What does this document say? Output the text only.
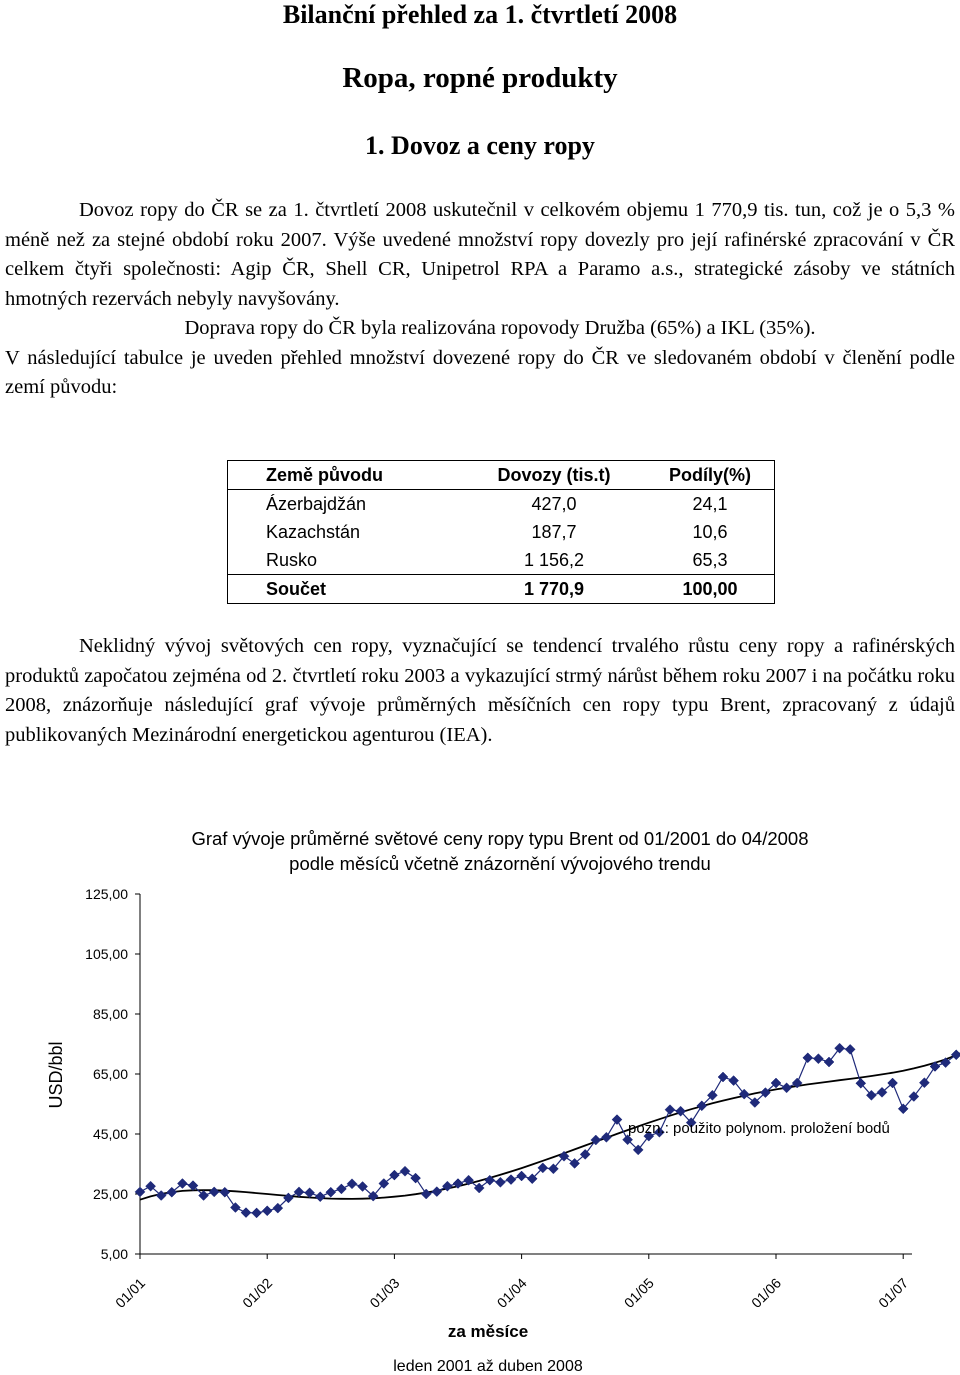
Bilanční přehled za 1. čtvrtletí 2008
Ropa, ropné produkty
1. Dovoz a ceny ropy

Dovoz ropy do ČR se za 1. čtvrtletí 2008 uskutečnil v celkovém objemu 1 770,9 tis. tun, což je o 5,3 % méně než za stejné období roku 2007. Výše uvedené množství ropy dovezly pro její rafinérské zpracování v ČR celkem čtyři společnosti: Agip ČR, Shell CR, Unipetrol RPA a Paramo a.s., strategické zásoby ve státních hmotných rezervách nebyly navyšovány.

Doprava ropy do ČR byla realizována ropovody Družba (65%) a IKL (35%).

V následující tabulce je uveden přehled množství dovezené ropy do ČR ve sledovaném období v členění podle zemí původu:

Země původu	Dovozy (tis.t)	Podíly(%)
Ázerbajdžán	427,0	24,1
Kazachstán	187,7	10,6
Rusko	1 156,2	65,3
Součet	1 770,9	100,00

Neklidný vývoj světových cen ropy, vyznačující se tendencí trvalého růstu ceny ropy a rafinérských produktů započatou zejména od 2. čtvrtletí roku 2003 a vykazující strmý nárůst během roku 2007 i na počátku roku 2008, znázorňuje následující graf vývoje průměrných měsíčních cen ropy typu Brent, zpracovaný z údajů publikovaných Mezinárodní energetickou agenturou (IEA).

Graf vývoje průměrné světové ceny ropy typu Brent od 01/2001 do 04/2008
podle měsíců včetně znázornění vývojového trendu
5,00
25,00
45,00
65,00
85,00
105,00
125,00
USD/bbl
01/01	01/02	01/03	01/04	01/05	01/06	01/07
za měsíce
leden 2001 až duben 2008
pozn.: použito polynom. proložení bodů
